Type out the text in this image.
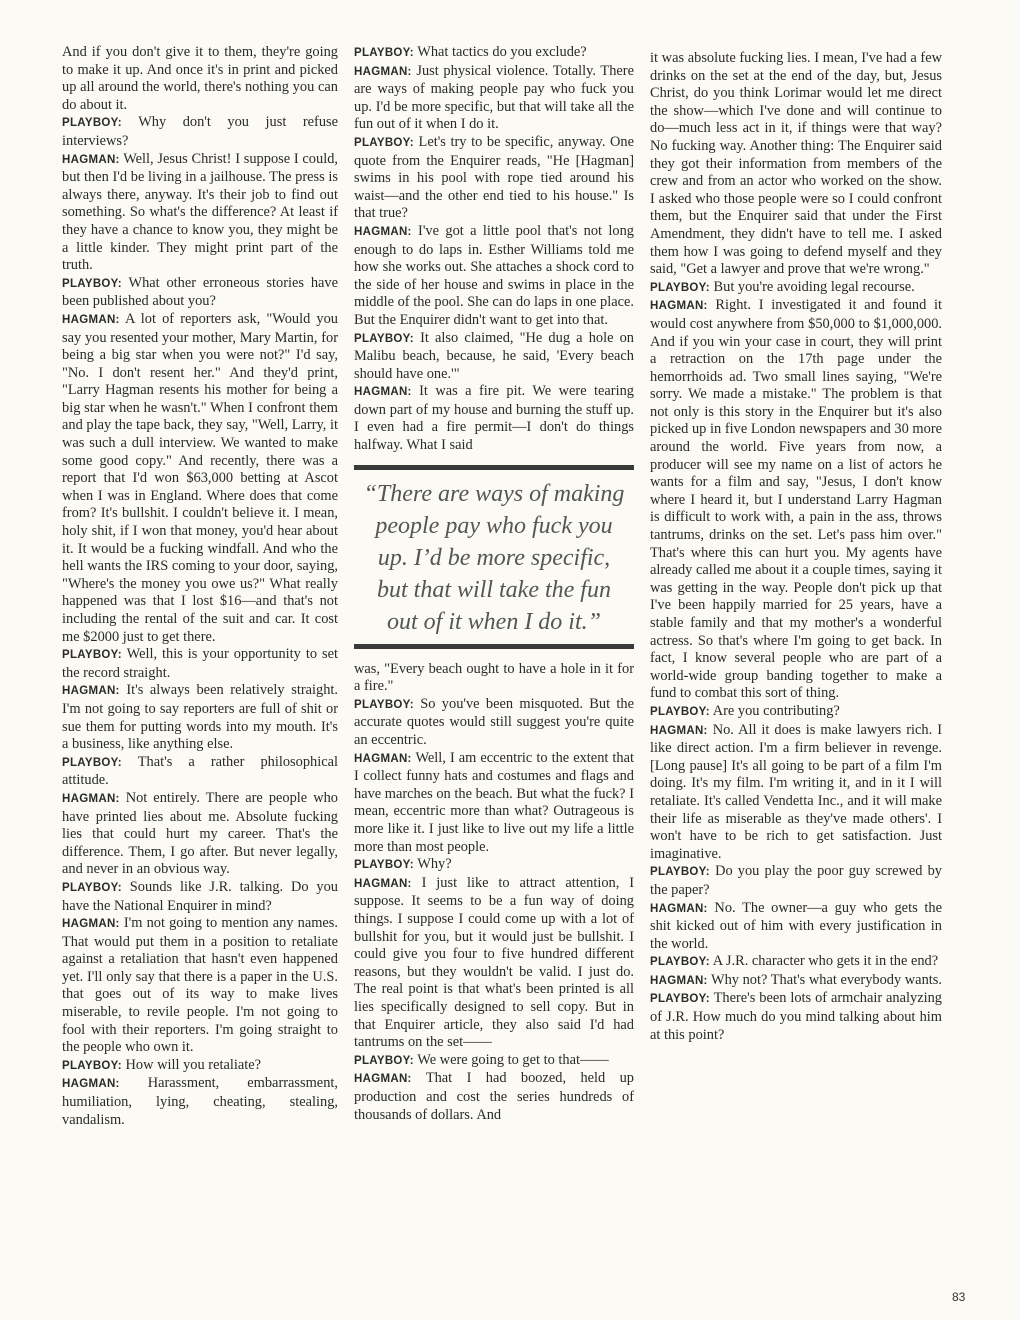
And if you don't give it to them, they're going to make it up. And once it's in print and picked up all around the world, there's nothing you can do about it.

PLAYBOY: Why don't you just refuse interviews?

HAGMAN: Well, Jesus Christ! I suppose I could, but then I'd be living in a jailhouse. The press is always there, anyway. It's their job to find out something. So what's the difference? At least if they have a chance to know you, they might be a little kinder. They might print part of the truth.

PLAYBOY: What other erroneous stories have been published about you?

HAGMAN: A lot of reporters ask, "Would you say you resented your mother, Mary Martin, for being a big star when you were not?" I'd say, "No. I don't resent her." And they'd print, "Larry Hagman resents his mother for being a big star when he wasn't." When I confront them and play the tape back, they say, "Well, Larry, it was such a dull interview. We wanted to make some good copy." And recently, there was a report that I'd won $63,000 betting at Ascot when I was in England. Where does that come from? It's bullshit. I couldn't believe it. I mean, holy shit, if I won that money, you'd hear about it. It would be a fucking windfall. And who the hell wants the IRS coming to your door, saying, "Where's the money you owe us?" What really happened was that I lost $16—and that's not including the rental of the suit and car. It cost me $2000 just to get there.

PLAYBOY: Well, this is your opportunity to set the record straight.

HAGMAN: It's always been relatively straight. I'm not going to say reporters are full of shit or sue them for putting words into my mouth. It's a business, like anything else.

PLAYBOY: That's a rather philosophical attitude.

HAGMAN: Not entirely. There are people who have printed lies about me. Absolute fucking lies that could hurt my career. That's the difference. Them, I go after. But never legally, and never in an obvious way.

PLAYBOY: Sounds like J.R. talking. Do you have the National Enquirer in mind?

HAGMAN: I'm not going to mention any names. That would put them in a position to retaliate against a retaliation that hasn't even happened yet. I'll only say that there is a paper in the U.S. that goes out of its way to make lives miserable, to revile people. I'm not going to fool with their reporters. I'm going straight to the people who own it.

PLAYBOY: How will you retaliate?

HAGMAN: Harassment, embarrassment, humiliation, lying, cheating, stealing, vandalism.

PLAYBOY: What tactics do you exclude?

HAGMAN: Just physical violence. Totally. There are ways of making people pay who fuck you up. I'd be more specific, but that will take all the fun out of it when I do it.

PLAYBOY: Let's try to be specific, anyway. One quote from the Enquirer reads, "He [Hagman] swims in his pool with rope tied around his waist—and the other end tied to his house." Is that true?

HAGMAN: I've got a little pool that's not long enough to do laps in. Esther Williams told me how she works out. She attaches a shock cord to the side of her house and swims in place in the middle of the pool. She can do laps in one place. But the Enquirer didn't want to get into that.

PLAYBOY: It also claimed, "He dug a hole on Malibu beach, because, he said, 'Every beach should have one.'"

HAGMAN: It was a fire pit. We were tearing down part of my house and burning the stuff up. I even had a fire permit—I don't do things halfway. What I said

“There are ways of making people pay who fuck you up. I’d be more specific, but that will take the fun out of it when I do it.”

was, "Every beach ought to have a hole in it for a fire."

PLAYBOY: So you've been misquoted. But the accurate quotes would still suggest you're quite an eccentric.

HAGMAN: Well, I am eccentric to the extent that I collect funny hats and costumes and flags and have marches on the beach. But what the fuck? I mean, eccentric more than what? Outrageous is more like it. I just like to live out my life a little more than most people.

PLAYBOY: Why?

HAGMAN: I just like to attract attention, I suppose. It seems to be a fun way of doing things. I suppose I could come up with a lot of bullshit for you, but it would just be bullshit. I could give you four to five hundred different reasons, but they wouldn't be valid. I just do. The real point is that what's been printed is all lies specifically designed to sell copy. But in that Enquirer article, they also said I'd had tantrums on the set——

PLAYBOY: We were going to get to that——

HAGMAN: That I had boozed, held up production and cost the series hundreds of thousands of dollars. And

it was absolute fucking lies. I mean, I've had a few drinks on the set at the end of the day, but, Jesus Christ, do you think Lorimar would let me direct the show—which I've done and will continue to do—much less act in it, if things were that way? No fucking way. Another thing: The Enquirer said they got their information from members of the crew and from an actor who worked on the show. I asked who those people were so I could confront them, but the Enquirer said that under the First Amendment, they didn't have to tell me. I asked them how I was going to defend myself and they said, "Get a lawyer and prove that we're wrong."

PLAYBOY: But you're avoiding legal recourse.

HAGMAN: Right. I investigated it and found it would cost anywhere from $50,000 to $1,000,000. And if you win your case in court, they will print a retraction on the 17th page under the hemorrhoids ad. Two small lines saying, "We're sorry. We made a mistake." The problem is that not only is this story in the Enquirer but it's also picked up in five London newspapers and 30 more around the world. Five years from now, a producer will see my name on a list of actors he wants for a film and say, "Jesus, I don't know where I heard it, but I understand Larry Hagman is difficult to work with, a pain in the ass, throws tantrums, drinks on the set. Let's pass him over." That's where this can hurt you. My agents have already called me about it a couple times, saying it was getting in the way. People don't pick up that I've been happily married for 25 years, have a stable family and that my mother's a wonderful actress. So that's where I'm going to get back. In fact, I know several people who are part of a world-wide group banding together to make a fund to combat this sort of thing.

PLAYBOY: Are you contributing?

HAGMAN: No. All it does is make lawyers rich. I like direct action. I'm a firm believer in revenge. [Long pause] It's all going to be part of a film I'm doing. It's my film. I'm writing it, and in it I will retaliate. It's called Vendetta Inc., and it will make their life as miserable as they've made others'. I won't have to be rich to get satisfaction. Just imaginative.

PLAYBOY: Do you play the poor guy screwed by the paper?

HAGMAN: No. The owner—a guy who gets the shit kicked out of him with every justification in the world.

PLAYBOY: A J.R. character who gets it in the end?

HAGMAN: Why not? That's what everybody wants.

PLAYBOY: There's been lots of armchair analyzing of J.R. How much do you mind talking about him at this point?

83
